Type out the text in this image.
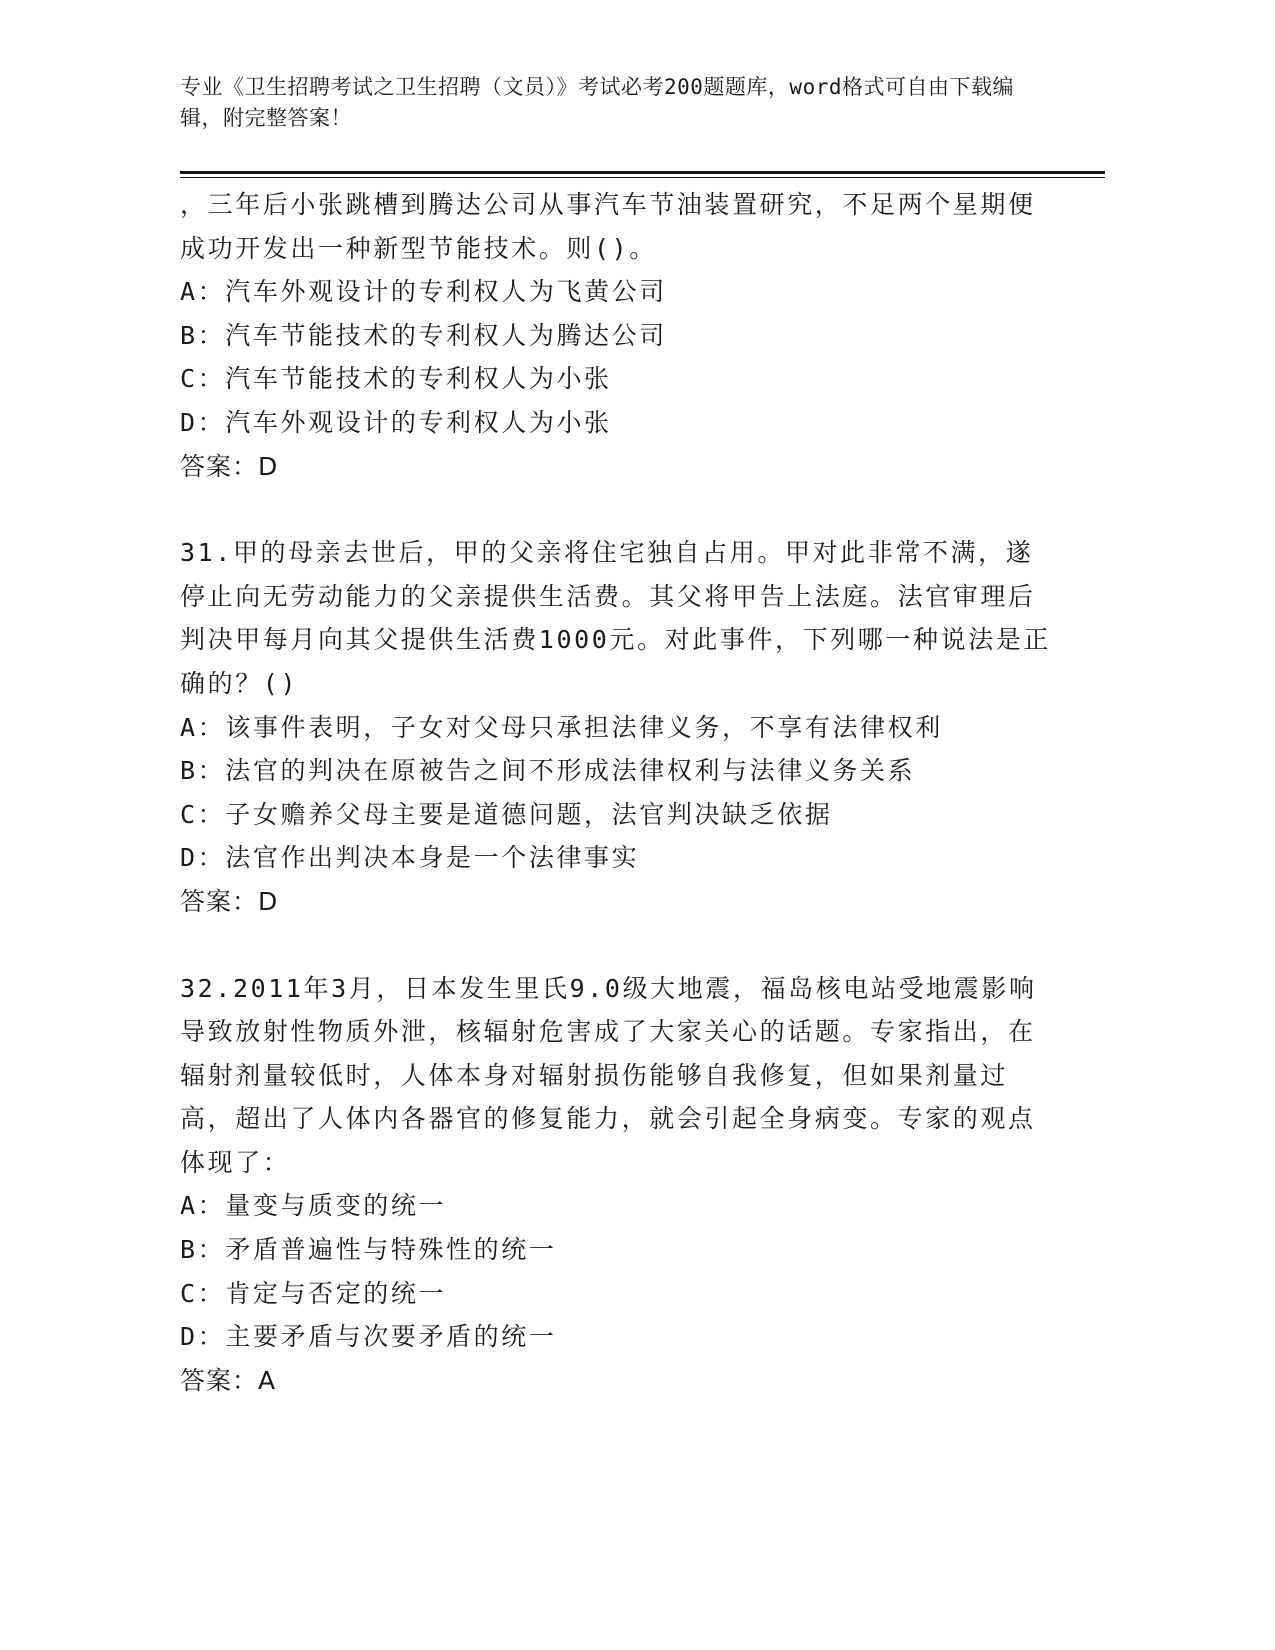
专业《卫生招聘考试之卫生招聘（文员）》考试必考200题题库，word格式可自由下载编辑，附完整答案！

，三年后小张跳槽到腾达公司从事汽车节油装置研究，不足两个星期便成功开发出一种新型节能技术。则()。

A：汽车外观设计的专利权人为飞黄公司

B：汽车节能技术的专利权人为腾达公司

C：汽车节能技术的专利权人为小张

D：汽车外观设计的专利权人为小张

答案：D

31.甲的母亲去世后，甲的父亲将住宅独自占用。甲对此非常不满，遂停止向无劳动能力的父亲提供生活费。其父将甲告上法庭。法官审理后判决甲每月向其父提供生活费1000元。对此事件，下列哪一种说法是正确的？()

A：该事件表明，子女对父母只承担法律义务，不享有法律权利

B：法官的判决在原被告之间不形成法律权利与法律义务关系

C：子女赡养父母主要是道德问题，法官判决缺乏依据

D：法官作出判决本身是一个法律事实

答案：D

32.2011年3月，日本发生里氏9.0级大地震，福岛核电站受地震影响导致放射性物质外泄，核辐射危害成了大家关心的话题。专家指出，在辐射剂量较低时，人体本身对辐射损伤能够自我修复，但如果剂量过高，超出了人体内各器官的修复能力，就会引起全身病变。专家的观点体现了：

A：量变与质变的统一

B：矛盾普遍性与特殊性的统一

C：肯定与否定的统一

D：主要矛盾与次要矛盾的统一

答案：A
